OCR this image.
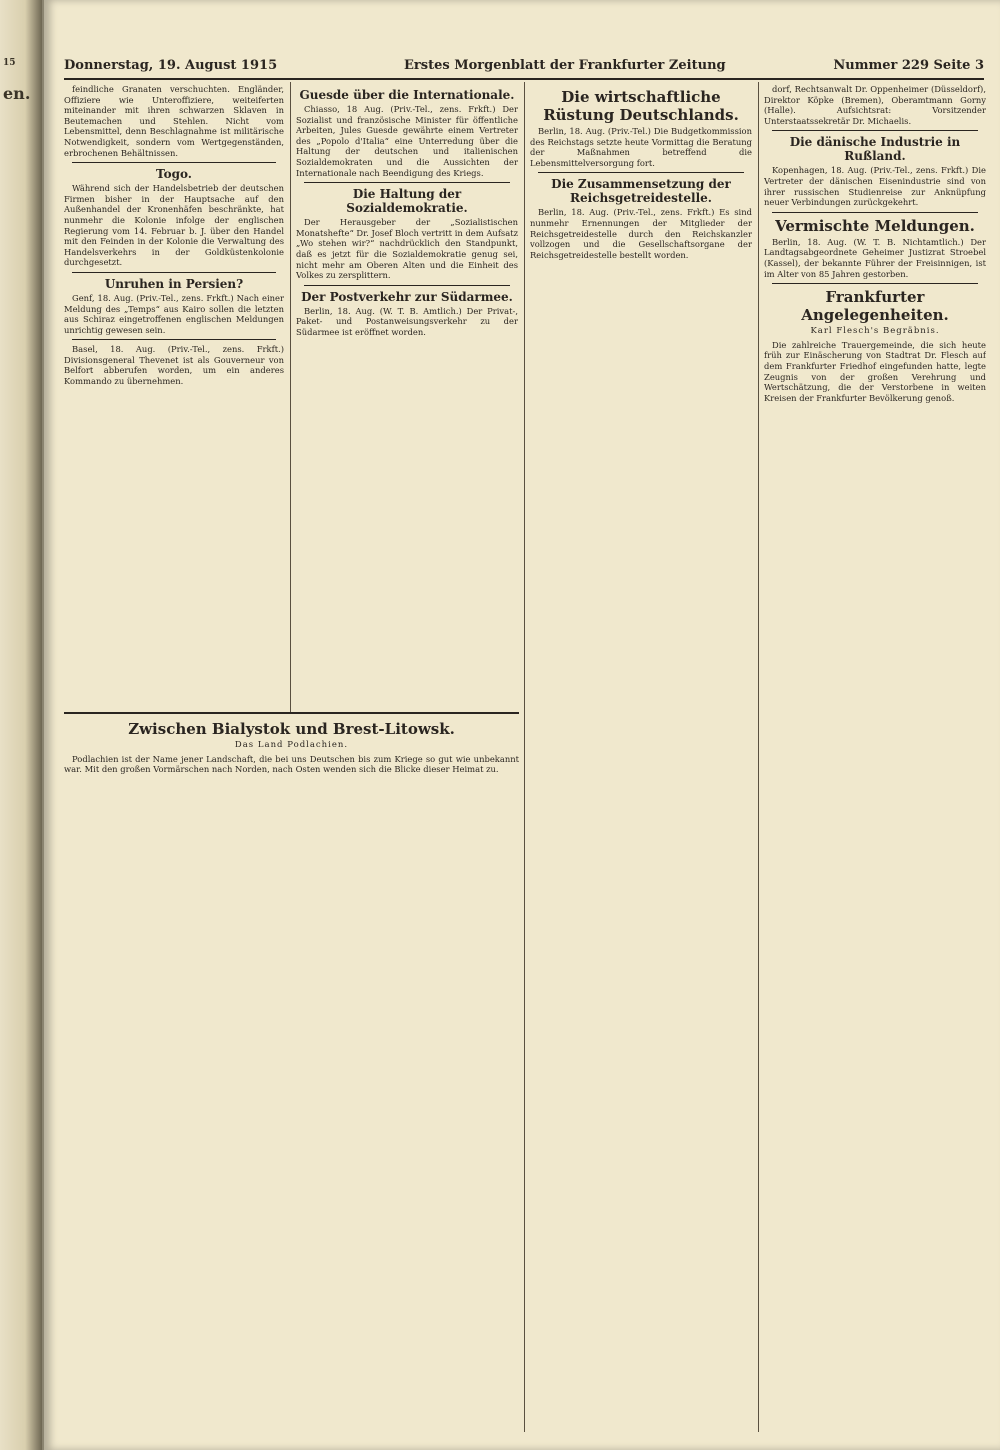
15
en.
Donnerstag, 19. August 1915	Erstes Morgenblatt der Frankfurter Zeitung	Nummer 229 Seite 3

feindliche Granaten verschuchten. Engländer, Offiziere wie Unteroffiziere, weiteiferten miteinander mit ihren schwarzen Sklaven in Beutemachen und Stehlen. Nicht vom Lebensmittel, denn Beschlagnahme ist militärische Notwendigkeit, sondern vom Wertgegenständen, erbrochenen Behältnissen.

Togo.

Während sich der Handelsbetrieb der deutschen Firmen bisher in der Hauptsache auf den Außenhandel der Kronenhäfen beschränkte, hat nunmehr die Kolonie infolge der englischen Regierung vom 14. Februar b. J. über den Handel mit den Feinden in der Kolonie die Verwaltung des Handelsverkehrs in der Goldküstenkolonie durchgesetzt.

Unruhen in Persien?

Genf, 18. Aug. (Priv.-Tel., zens. Frkft.) Nach einer Meldung des „Temps“ aus Kairo sollen die letzten aus Schiraz eingetroffenen englischen Meldungen unrichtig gewesen sein.

Basel, 18. Aug. (Priv.-Tel., zens. Frkft.) Divisionsgeneral Thevenet ist als Gouverneur von Belfort abberufen worden, um ein anderes Kommando zu übernehmen.

Guesde über die Internationale.

Chiasso, 18 Aug. (Priv.-Tel., zens. Frkft.) Der Sozialist und französische Minister für öffentliche Arbeiten, Jules Guesde gewährte einem Vertreter des „Popolo d'Italia“ eine Unterredung über die Haltung der deutschen und italienischen Sozialdemokraten und die Aussichten der Internationale nach Beendigung des Kriegs.

Die Haltung der Sozialdemokratie.

Der Herausgeber der „Sozialistischen Monatshefte“ Dr. Josef Bloch vertritt in dem Aufsatz „Wo stehen wir?“ nachdrücklich den Standpunkt, daß es jetzt für die Sozialdemokratie genug sei, nicht mehr am Oberen Alten und die Einheit des Volkes zu zersplittern.

Der Postverkehr zur Südarmee.

Berlin, 18. Aug. (W. T. B. Amtlich.) Der Privat-, Paket- und Postanweisungsverkehr zu der Südarmee ist eröffnet worden.

Die wirtschaftliche Rüstung Deutschlands.

Berlin, 18. Aug. (Priv.-Tel.) Die Budgetkommission des Reichstags setzte heute Vormittag die Beratung der Maßnahmen betreffend die Lebensmittelversorgung fort.

Die Zusammensetzung der Reichsgetreidestelle.

Berlin, 18. Aug. (Priv.-Tel., zens. Frkft.) Es sind nunmehr Ernennungen der Mitglieder der Reichsgetreidestelle durch den Reichskanzler vollzogen und die Gesellschaftsorgane der Reichsgetreidestelle bestellt worden.

dorf, Rechtsanwalt Dr. Oppenheimer (Düsseldorf), Direktor Köpke (Bremen), Oberamtmann Gorny (Halle). Aufsichtsrat: Vorsitzender Unterstaatssekretär Dr. Michaelis.

Die dänische Industrie in Rußland.

Kopenhagen, 18. Aug. (Priv.-Tel., zens. Frkft.) Die Vertreter der dänischen Eisenindustrie sind von ihrer russischen Studienreise zur Anknüpfung neuer Verbindungen zurückgekehrt.

Vermischte Meldungen.

Berlin, 18. Aug. (W. T. B. Nichtamtlich.) Der Landtagsabgeordnete Geheimer Justizrat Stroebel (Kassel), der bekannte Führer der Freisinnigen, ist im Alter von 85 Jahren gestorben.

Frankfurter Angelegenheiten.
Karl Flesch's Begräbnis.

Die zahlreiche Trauergemeinde, die sich heute früh zur Einäscherung von Stadtrat Dr. Flesch auf dem Frankfurter Friedhof eingefunden hatte, legte Zeugnis von der großen Verehrung und Wertschätzung, die der Verstorbene in weiten Kreisen der Frankfurter Bevölkerung genoß.

Zwischen Bialystok und Brest-Litowsk.
Das Land Podlachien.

Podlachien ist der Name jener Landschaft, die bei uns Deutschen bis zum Kriege so gut wie unbekannt war. Mit den großen Vormärschen nach Norden, nach Osten wenden sich die Blicke dieser Heimat zu.
